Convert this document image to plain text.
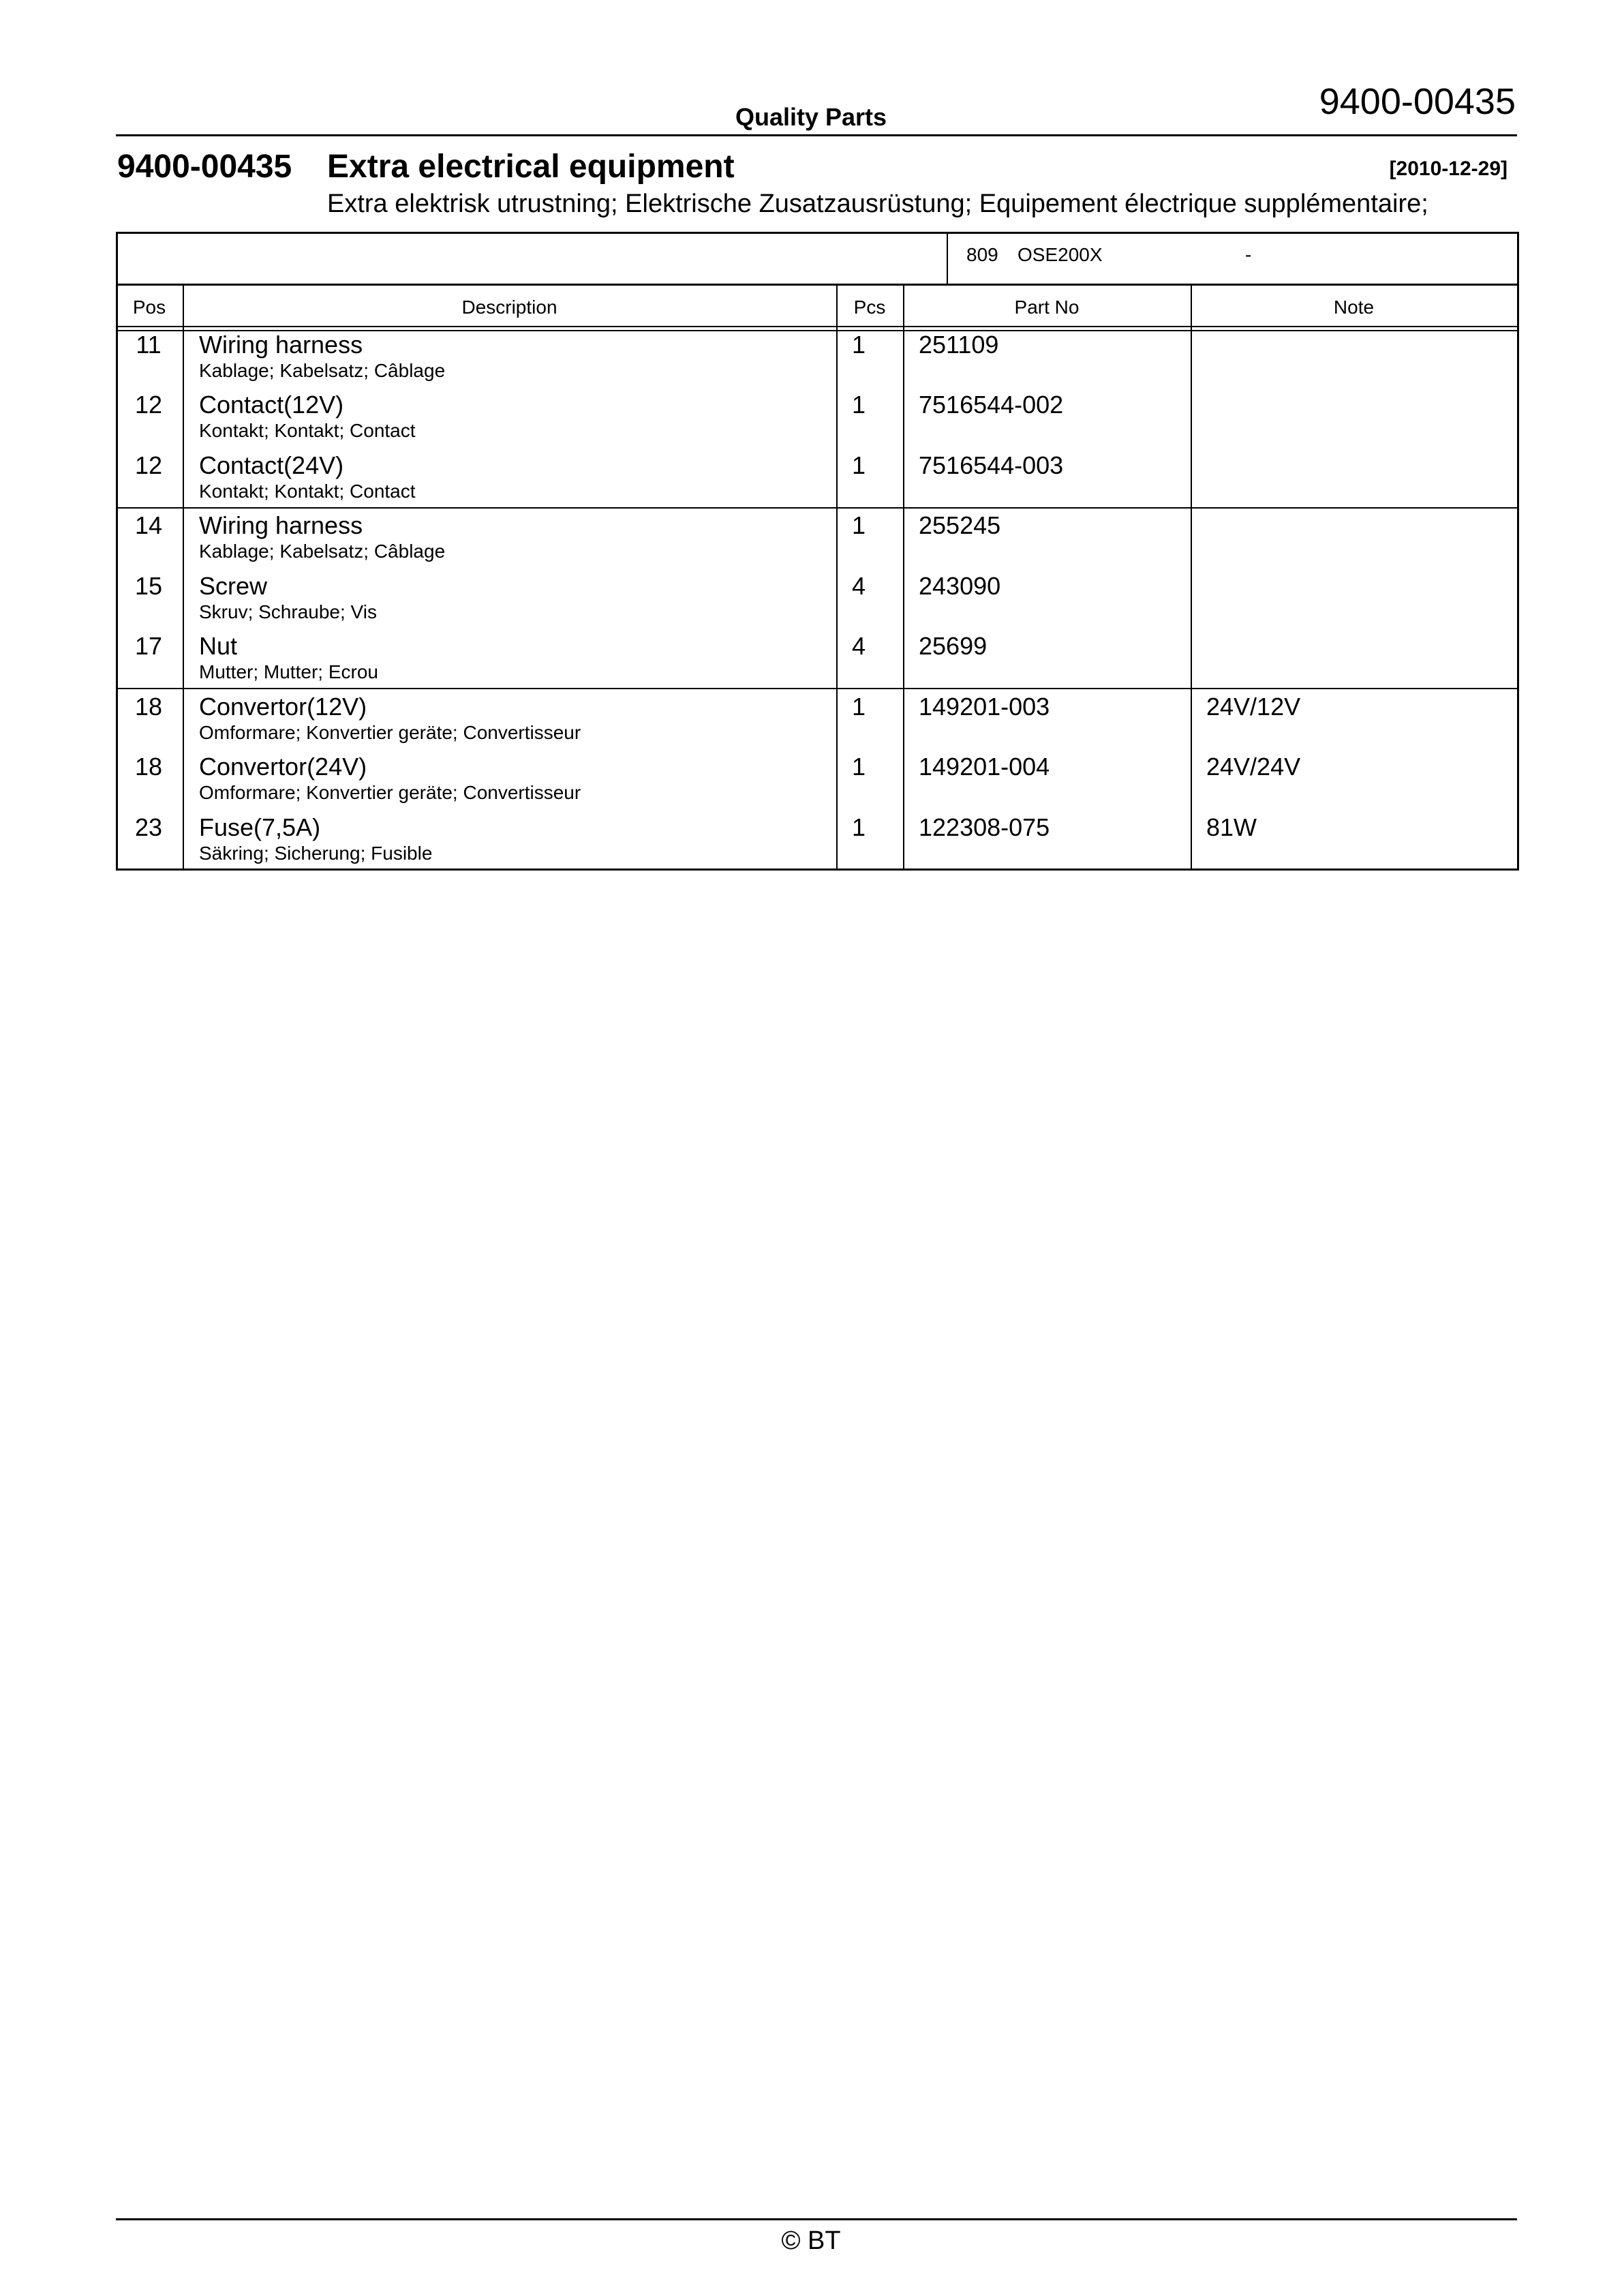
9400-00435
Quality Parts
9400-00435 Extra electrical equipment	[2010-12-29]
Extra elektrisk utrustning; Elektrische Zusatzausrüstung; Equipement électrique supplémentaire;
809 OSE200X	-
Pos	Description	Pcs	Part No	Note
11	Wiring harness
Kablage; Kabelsatz; Câblage
1 251109
12	Contact(12V)
Kontakt; Kontakt; Contact
1 7516544-002
12	Contact(24V)
Kontakt; Kontakt; Contact
1 7516544-003
14	Wiring harness
Kablage; Kabelsatz; Câblage
1 255245
15	Screw
Skruv; Schraube; Vis
4 243090
17	Nut
Mutter; Mutter; Ecrou
4 25699
18	Convertor(12V)
Omformare; Konvertier geräte; Convertisseur
1 149201-003	24V/12V
18	Convertor(24V)
Omformare; Konvertier geräte; Convertisseur
1 149201-004	24V/24V
23	Fuse(7,5A)
Säkring; Sicherung; Fusible
1 122308-075	81W
© BT
